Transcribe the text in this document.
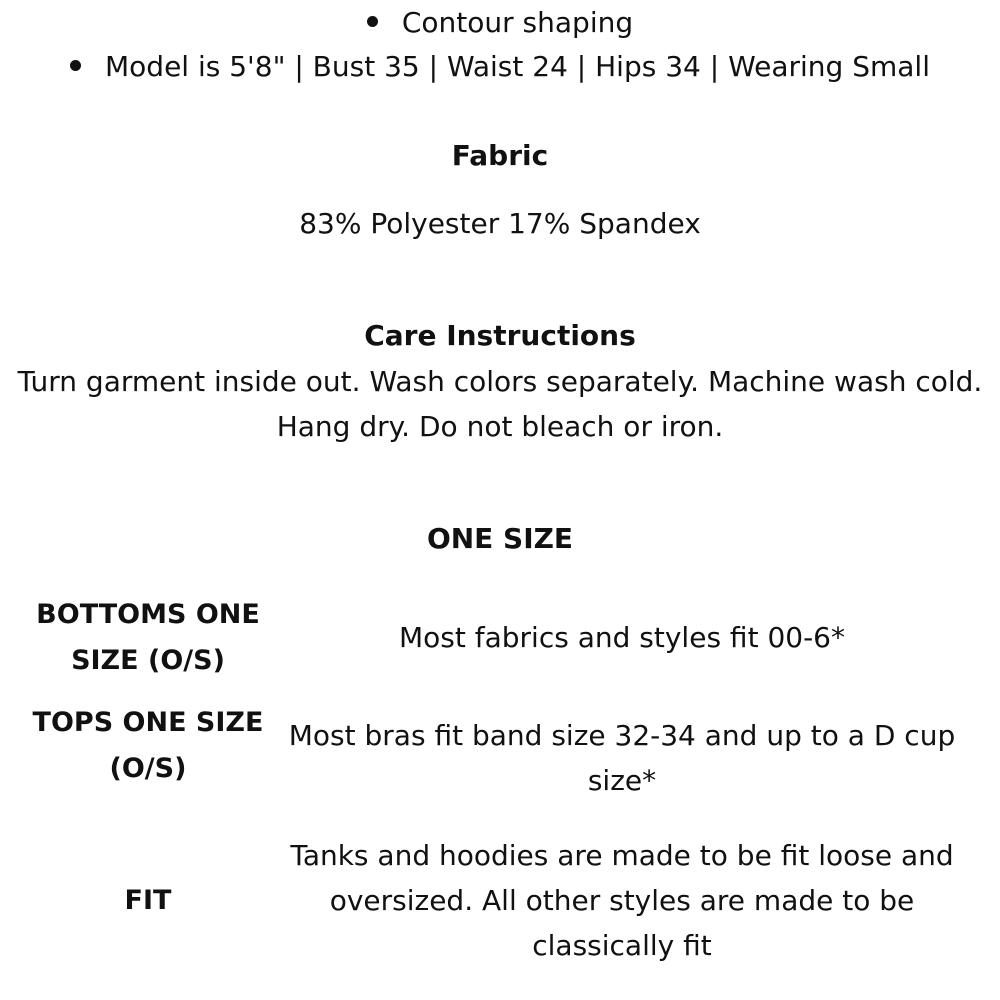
Contour shaping
Model is 5'8" | Bust 35 | Waist 24 | Hips 34 | Wearing Small
Fabric
83% Polyester 17% Spandex
Care Instructions
Turn garment inside out. Wash colors separately. Machine wash cold.
Hang dry. Do not bleach or iron.
ONE SIZE
BOTTOMS ONE SIZE (O/S)
Most fabrics and styles fit 00-6*
TOPS ONE SIZE (O/S)
Most bras fit band size 32-34 and up to a D cup size*
FIT
Tanks and hoodies are made to be fit loose and oversized. All other styles are made to be classically fit
